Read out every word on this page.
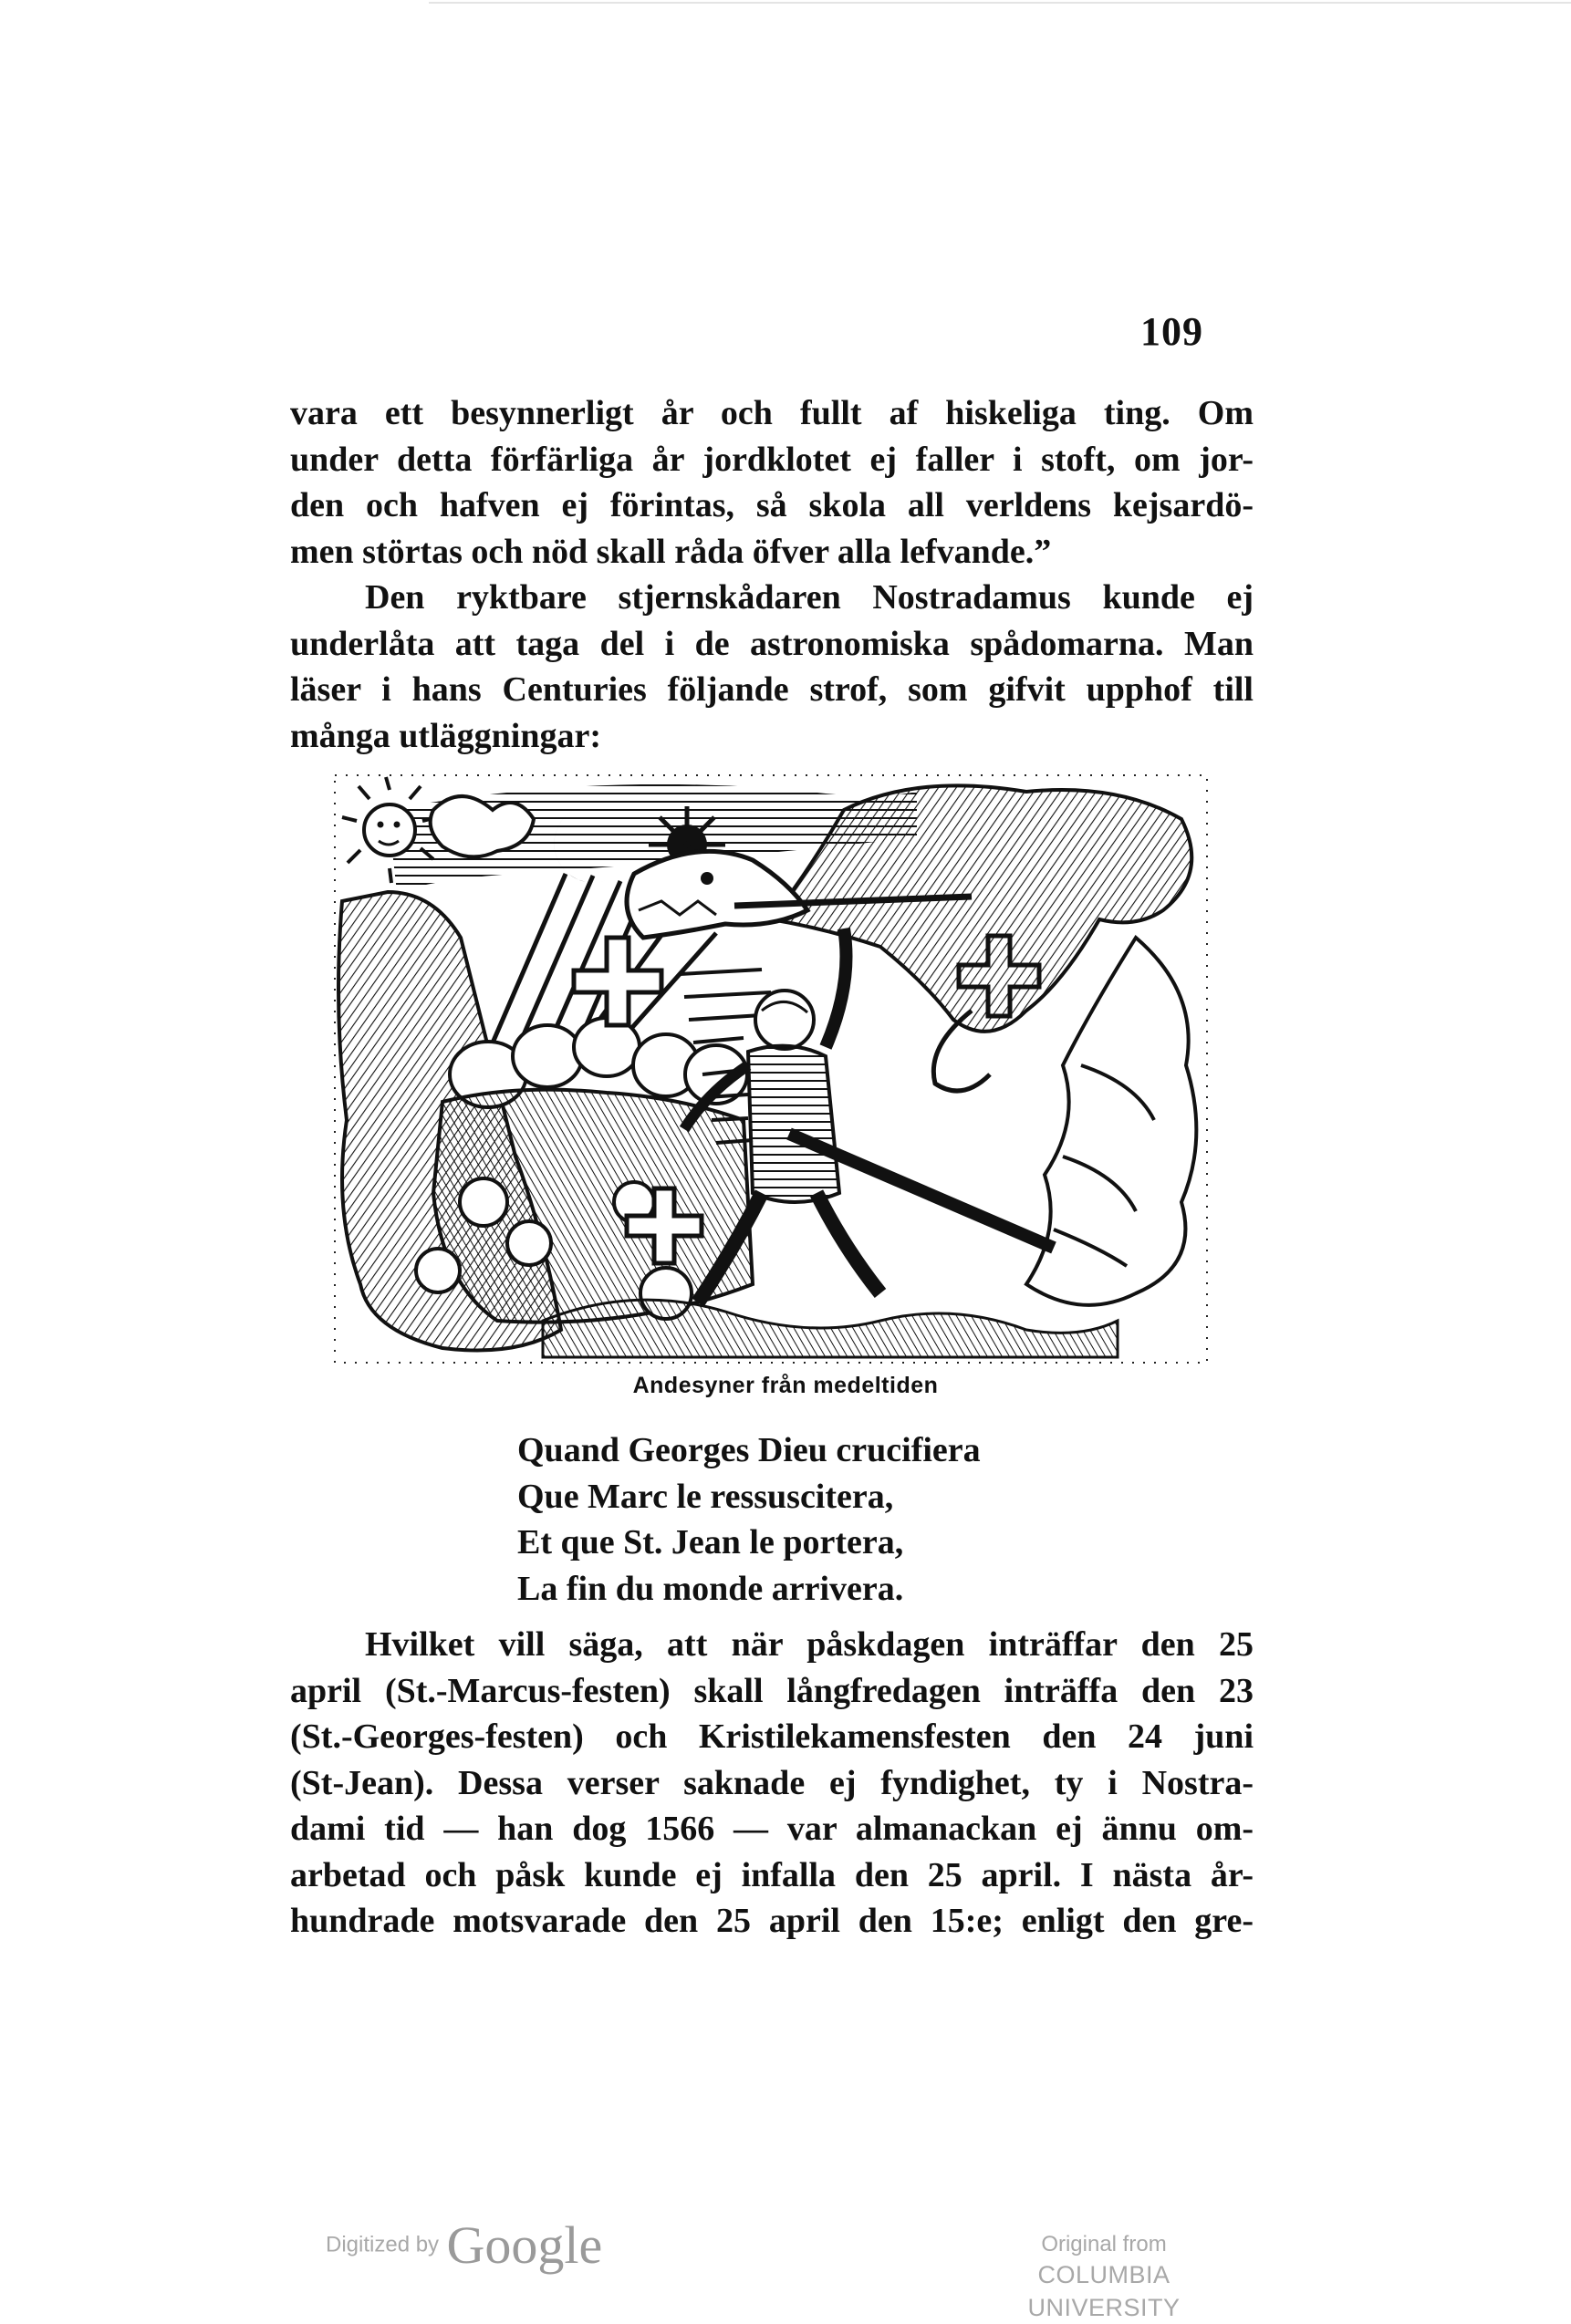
109
vara ett besynnerligt år och fullt af hiskeliga ting. Om
under detta förfärliga år jordklotet ej faller i stoft, om jor-
den och hafven ej förintas, så skola all verldens kejsardö-
men störtas och nöd skall råda öfver alla lefvande.”
Den ryktbare stjernskådaren Nostradamus kunde ej
underlåta att taga del i de astronomiska spådomarna. Man
läser i hans Centuries följande strof, som gifvit upphof till
många utläggningar:
Andesyner från medeltiden
Quand Georges Dieu crucifiera
Que Marc le ressuscitera,
Et que St. Jean le portera,
La fin du monde arrivera.
Hvilket vill säga, att när påskdagen inträffar den 25
april (St.-Marcus-festen) skall långfredagen inträffa den 23
(St.-Georges-festen) och Kristilekamensfesten den 24 juni
(St-Jean). Dessa verser saknade ej fyndighet, ty i Nostra-
dami tid — han dog 1566 — var almanackan ej ännu om-
arbetad och påsk kunde ej infalla den 25 april. I nästa år-
hundrade motsvarade den 25 april den 15:e; enligt den gre-
Digitized by Google	Original from
COLUMBIA UNIVERSITY
